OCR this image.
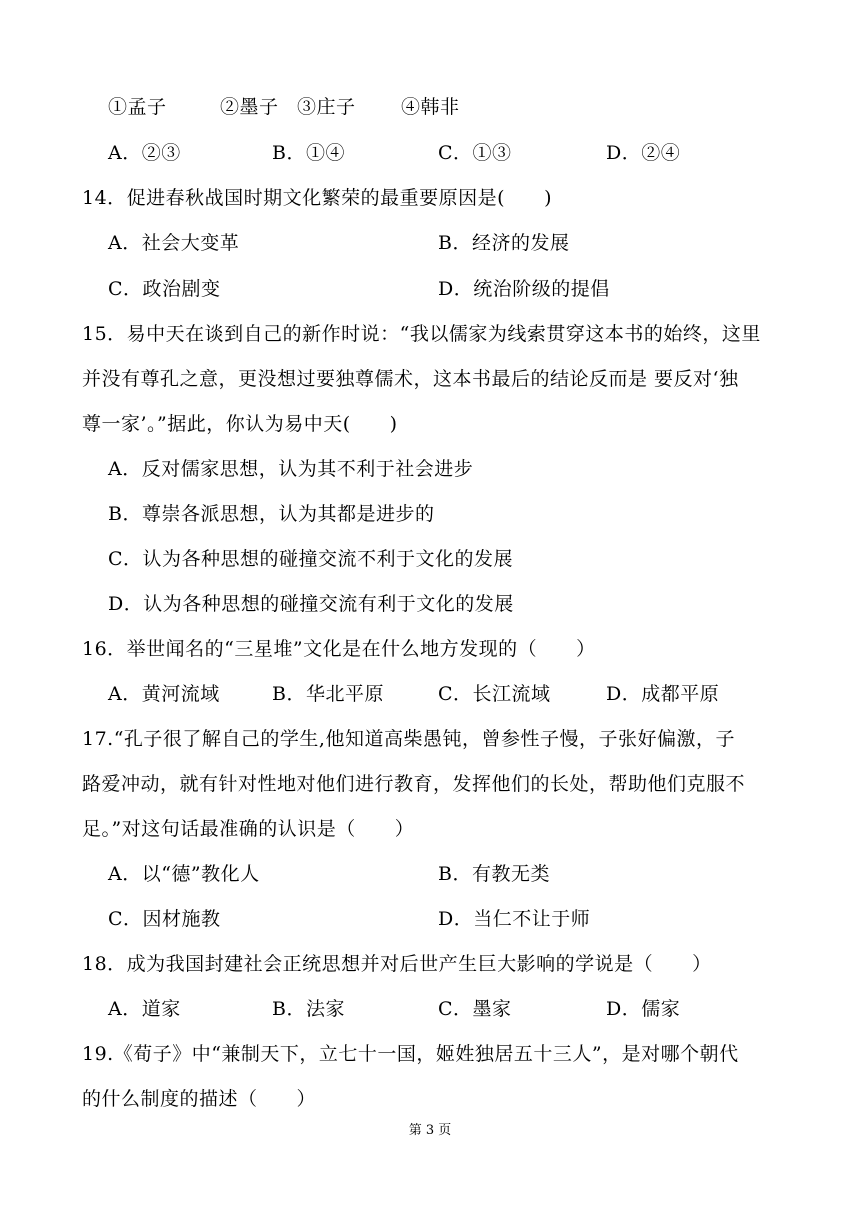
①孟子	②墨子 ③庄子 ④韩非
A．②③	B．①④	C．①③	D．②④
14．促进春秋战国时期文化繁荣的最重要原因是(　　)
A．社会大变革	B．经济的发展
C．政治剧变	D．统治阶级的提倡
15．易中天在谈到自己的新作时说：“我以儒家为线索贯穿这本书的始终，这里
并没有尊孔之意，更没想过要独尊儒术，这本书最后的结论反而是 要反对‘独
尊一家’。”据此，你认为易中天(　　)
A．反对儒家思想，认为其不利于社会进步
B．尊崇各派思想，认为其都是进步的
C．认为各种思想的碰撞交流不利于文化的发展
D．认为各种思想的碰撞交流有利于文化的发展
16．举世闻名的“三星堆”文化是在什么地方发现的（　　）
A．黄河流域	B．华北平原	C．长江流域	D．成都平原
17.“孔子很了解自己的学生,他知道高柴愚钝，曾参性子慢，子张好偏激，子
路爱冲动，就有针对性地对他们进行教育，发挥他们的长处，帮助他们克服不
足。”对这句话最准确的认识是（　　）
A．以“德”教化人	B．有教无类
C．因材施教	D．当仁不让于师
18．成为我国封建社会正统思想并对后世产生巨大影响的学说是（　　）
A．道家	B．法家	C．墨家	D．儒家
19.《荀子》中“兼制天下，立七十一国，姬姓独居五十三人”，是对哪个朝代
的什么制度的描述（　　）
第 3 页
